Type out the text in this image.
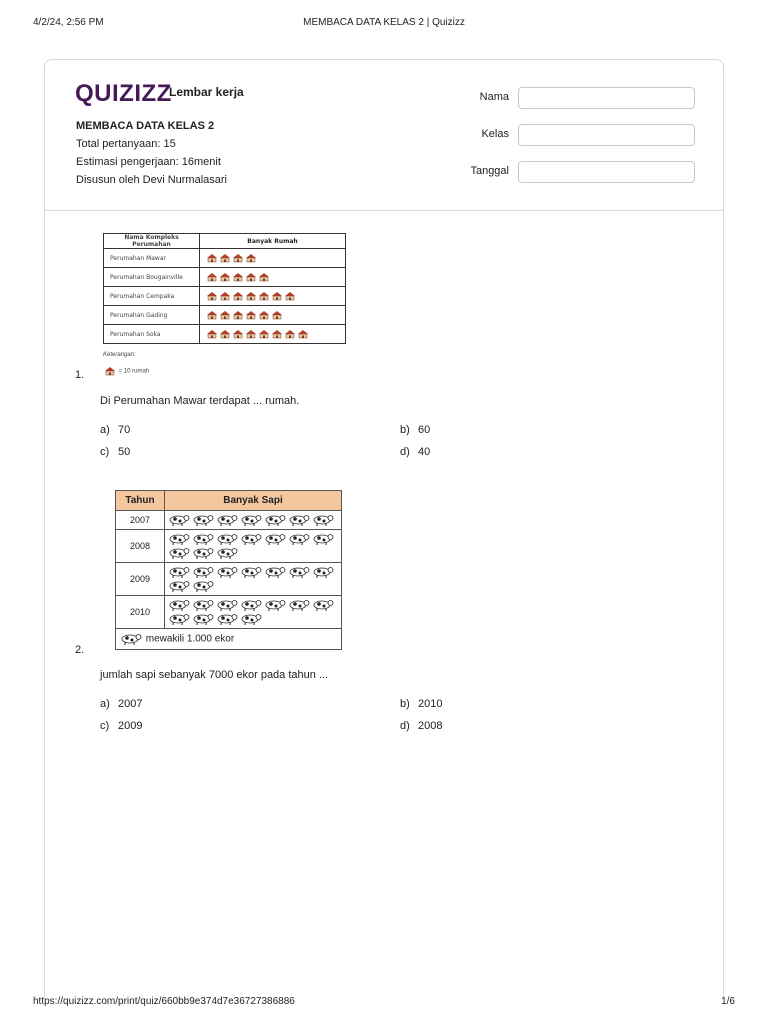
4/2/24, 2:56 PM	MEMBACA DATA KELAS 2 | Quizizz
QUIZIZZ
Lembar kerja
MEMBACA DATA KELAS 2
Total pertanyaan: 15
Estimasi pengerjaan: 16menit
Disusun oleh Devi Nurmalasari
Nama
Kelas
Tanggal
Nama Kompleks Perumahan	Banyak Rumah
Perumahan Mawar	
Perumahan Bougainville	
Perumahan Cempaka	
Perumahan Gading	
Perumahan Soka	
Keterangan:
= 10 rumah
1.
Di Perumahan Mawar terdapat ... rumah.
a) 70	b) 60
c) 50	d) 40
Tahun	Banyak Sapi
2007	
2008	
2009	
2010	
mewakili 1.000 ekor	
2.
jumlah sapi sebanyak 7000 ekor pada tahun ...
a) 2007	b) 2010
c) 2009	d) 2008
https://quizizz.com/print/quiz/660bb9e374d7e36727386886	1/6
